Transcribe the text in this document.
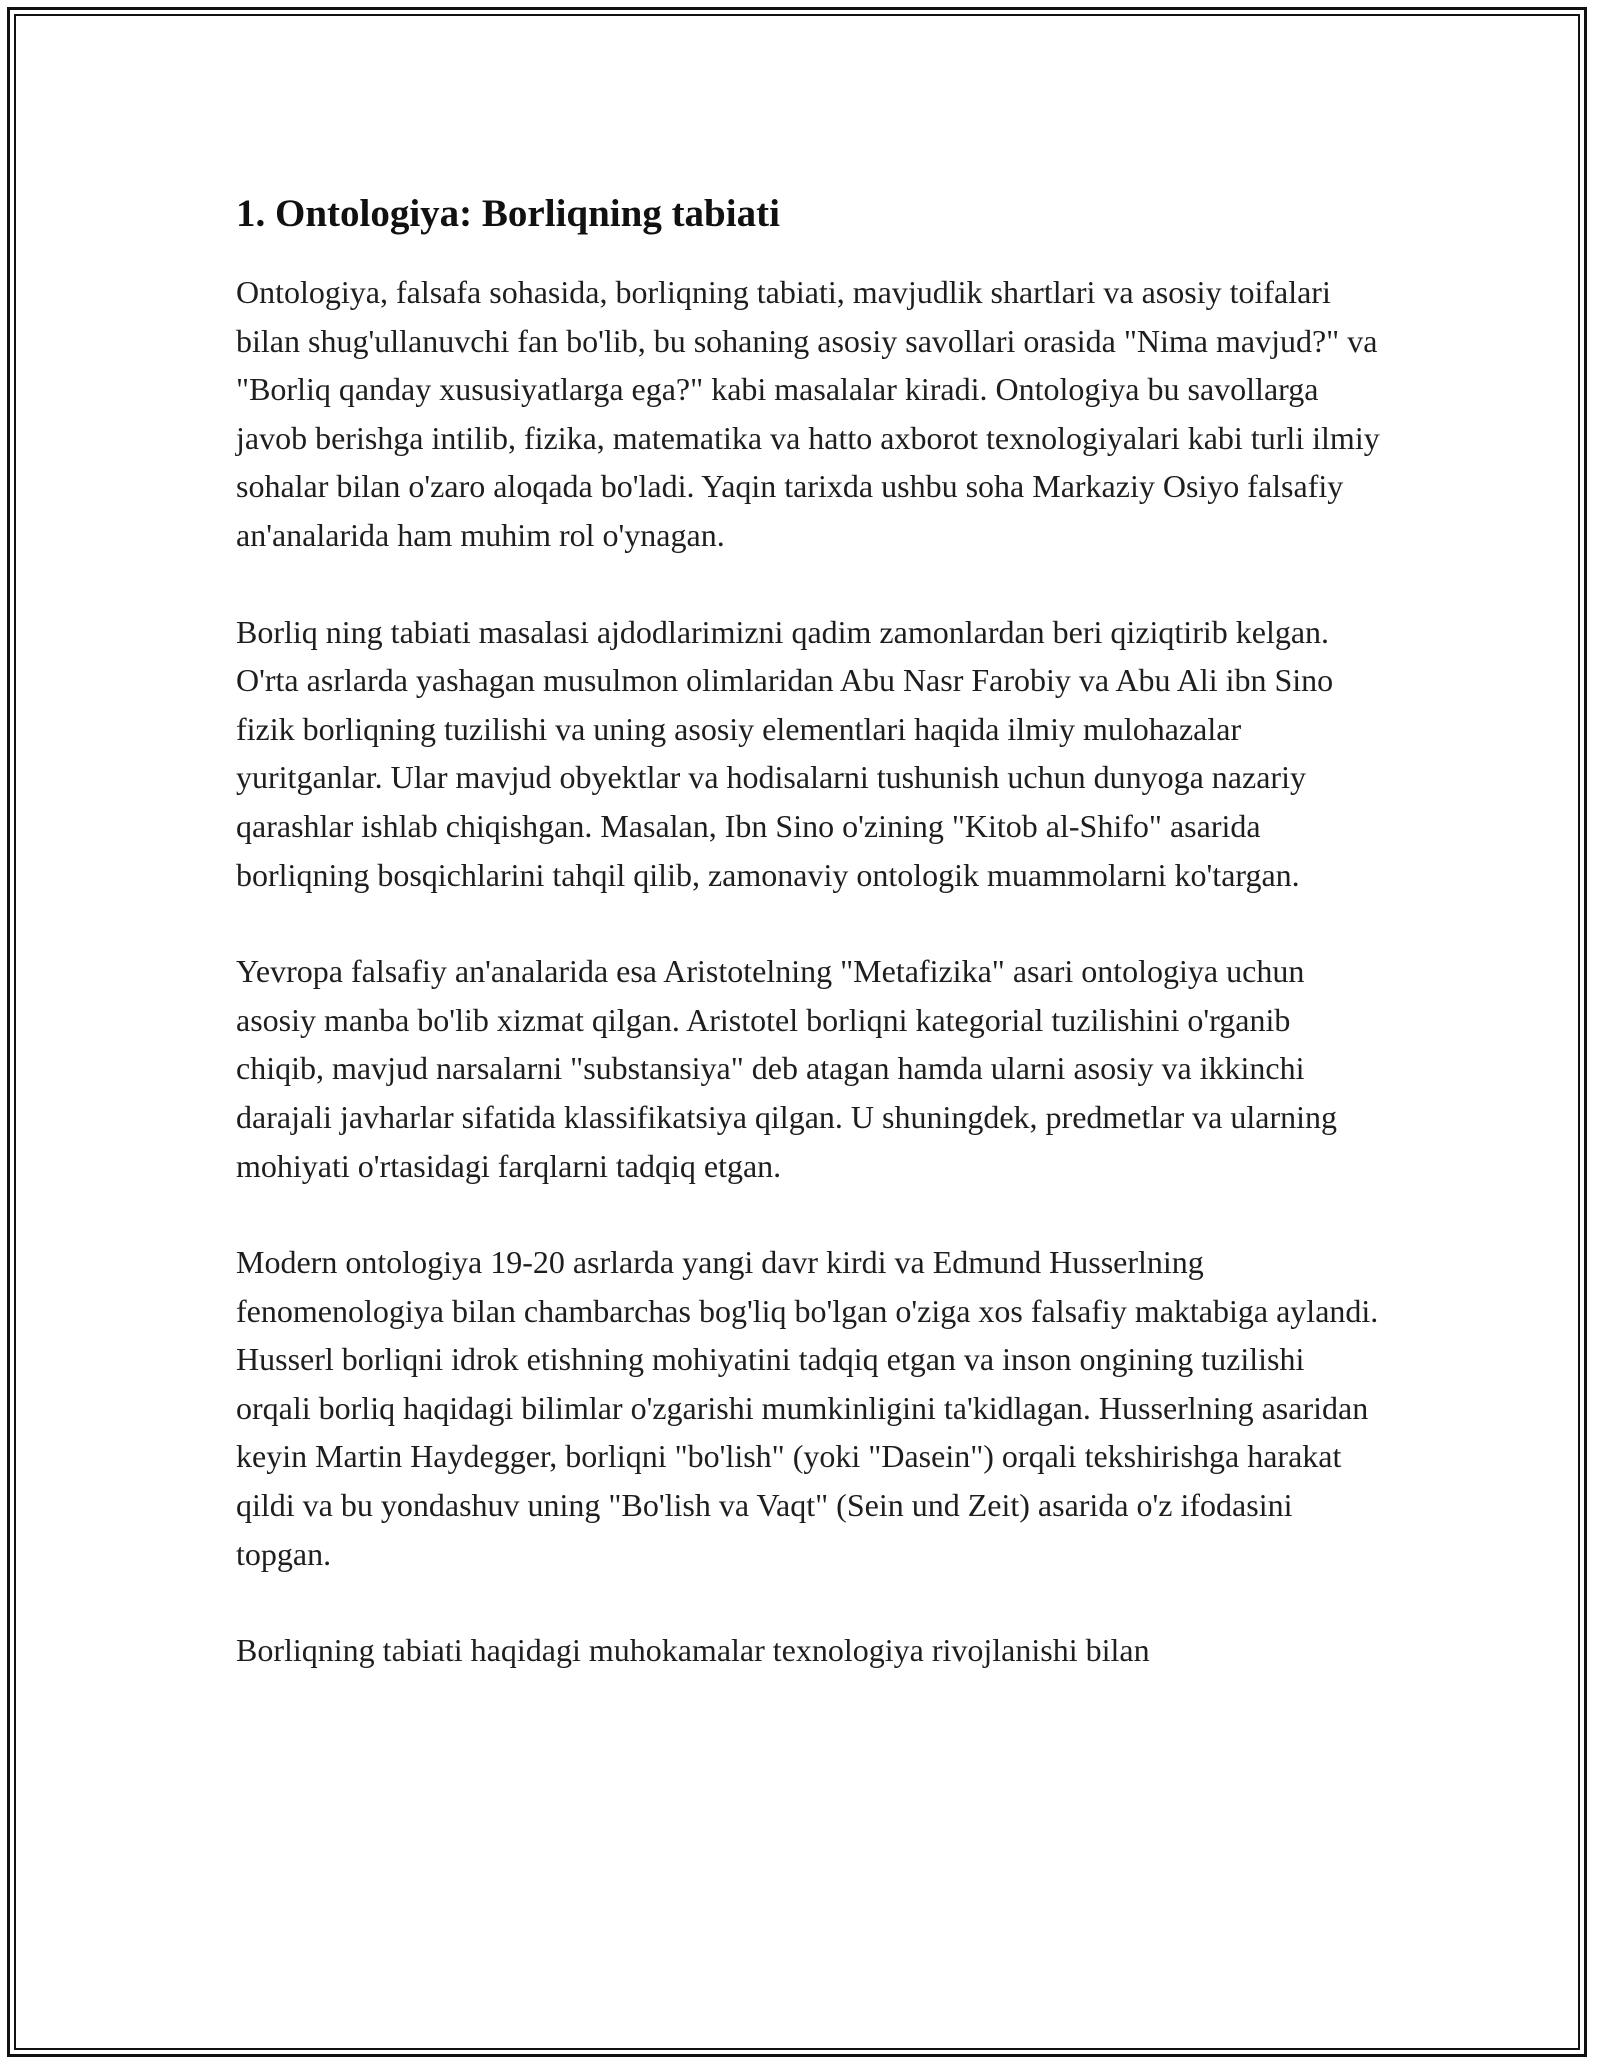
1. Ontologiya: Borliqning tabiati

Ontologiya, falsafa sohasida, borliqning tabiati, mavjudlik shartlari va asosiy toifalari bilan shug'ullanuvchi fan bo'lib, bu sohaning asosiy savollari orasida "Nima mavjud?" va "Borliq qanday xususiyatlarga ega?" kabi masalalar kiradi. Ontologiya bu savollarga javob berishga intilib, fizika, matematika va hatto axborot texnologiyalari kabi turli ilmiy sohalar bilan o'zaro aloqada bo'ladi. Yaqin tarixda ushbu soha Markaziy Osiyo falsafiy an'analarida ham muhim rol o'ynagan.

Borliq ning tabiati masalasi ajdodlarimizni qadim zamonlardan beri qiziqtirib kelgan. O'rta asrlarda yashagan musulmon olimlaridan Abu Nasr Farobiy va Abu Ali ibn Sino fizik borliqning tuzilishi va uning asosiy elementlari haqida ilmiy mulohazalar yuritganlar. Ular mavjud obyektlar va hodisalarni tushunish uchun dunyoga nazariy qarashlar ishlab chiqishgan. Masalan, Ibn Sino o'zining "Kitob al-Shifo" asarida borliqning bosqichlarini tahqil qilib, zamonaviy ontologik muammolarni ko'targan.

Yevropa falsafiy an'analarida esa Aristotelning "Metafizika" asari ontologiya uchun asosiy manba bo'lib xizmat qilgan. Aristotel borliqni kategorial tuzilishini o'rganib chiqib, mavjud narsalarni "substansiya" deb atagan hamda ularni asosiy va ikkinchi darajali javharlar sifatida klassifikatsiya qilgan. U shuningdek, predmetlar va ularning mohiyati o'rtasidagi farqlarni tadqiq etgan.

Modern ontologiya 19-20 asrlarda yangi davr kirdi va Edmund Husserlning fenomenologiya bilan chambarchas bog'liq bo'lgan o'ziga xos falsafiy maktabiga aylandi. Husserl borliqni idrok etishning mohiyatini tadqiq etgan va inson ongining tuzilishi orqali borliq haqidagi bilimlar o'zgarishi mumkinligini ta'kidlagan. Husserlning asaridan keyin Martin Haydegger, borliqni "bo'lish" (yoki "Dasein") orqali tekshirishga harakat qildi va bu yondashuv uning "Bo'lish va Vaqt" (Sein und Zeit) asarida o'z ifodasini topgan.

Borliqning tabiati haqidagi muhokamalar texnologiya rivojlanishi bilan
